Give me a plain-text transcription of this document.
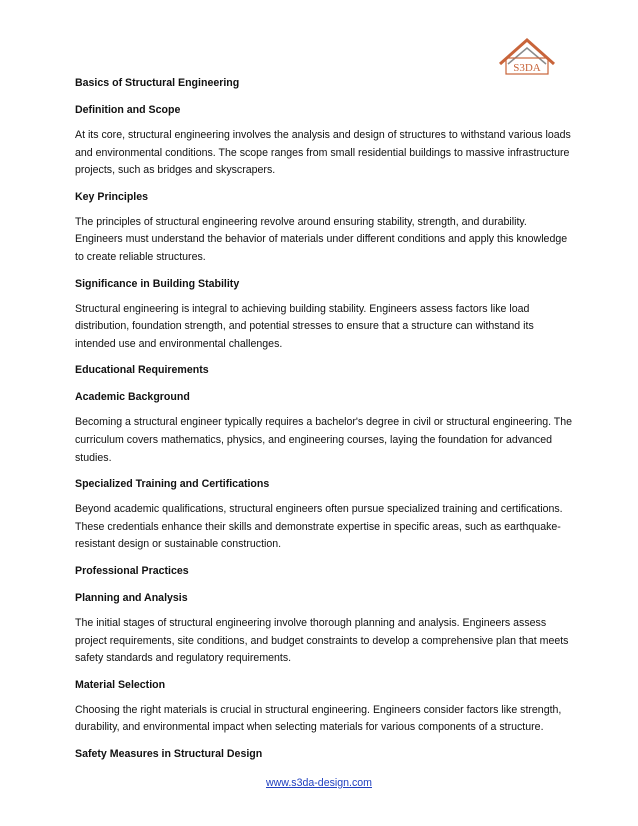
S3DA
Basics of Structural Engineering
Definition and Scope
At its core, structural engineering involves the analysis and design of structures to withstand various loads and environmental conditions. The scope ranges from small residential buildings to massive infrastructure projects, such as bridges and skyscrapers.
Key Principles
The principles of structural engineering revolve around ensuring stability, strength, and durability. Engineers must understand the behavior of materials under different conditions and apply this knowledge to create reliable structures.
Significance in Building Stability
Structural engineering is integral to achieving building stability. Engineers assess factors like load distribution, foundation strength, and potential stresses to ensure that a structure can withstand its intended use and environmental challenges.
Educational Requirements
Academic Background
Becoming a structural engineer typically requires a bachelor's degree in civil or structural engineering. The curriculum covers mathematics, physics, and engineering courses, laying the foundation for advanced studies.
Specialized Training and Certifications
Beyond academic qualifications, structural engineers often pursue specialized training and certifications. These credentials enhance their skills and demonstrate expertise in specific areas, such as earthquake-resistant design or sustainable construction.
Professional Practices
Planning and Analysis
The initial stages of structural engineering involve thorough planning and analysis. Engineers assess project requirements, site conditions, and budget constraints to develop a comprehensive plan that meets safety standards and regulatory requirements.
Material Selection
Choosing the right materials is crucial in structural engineering. Engineers consider factors like strength, durability, and environmental impact when selecting materials for various components of a structure.
Safety Measures in Structural Design
www.s3da-design.com
